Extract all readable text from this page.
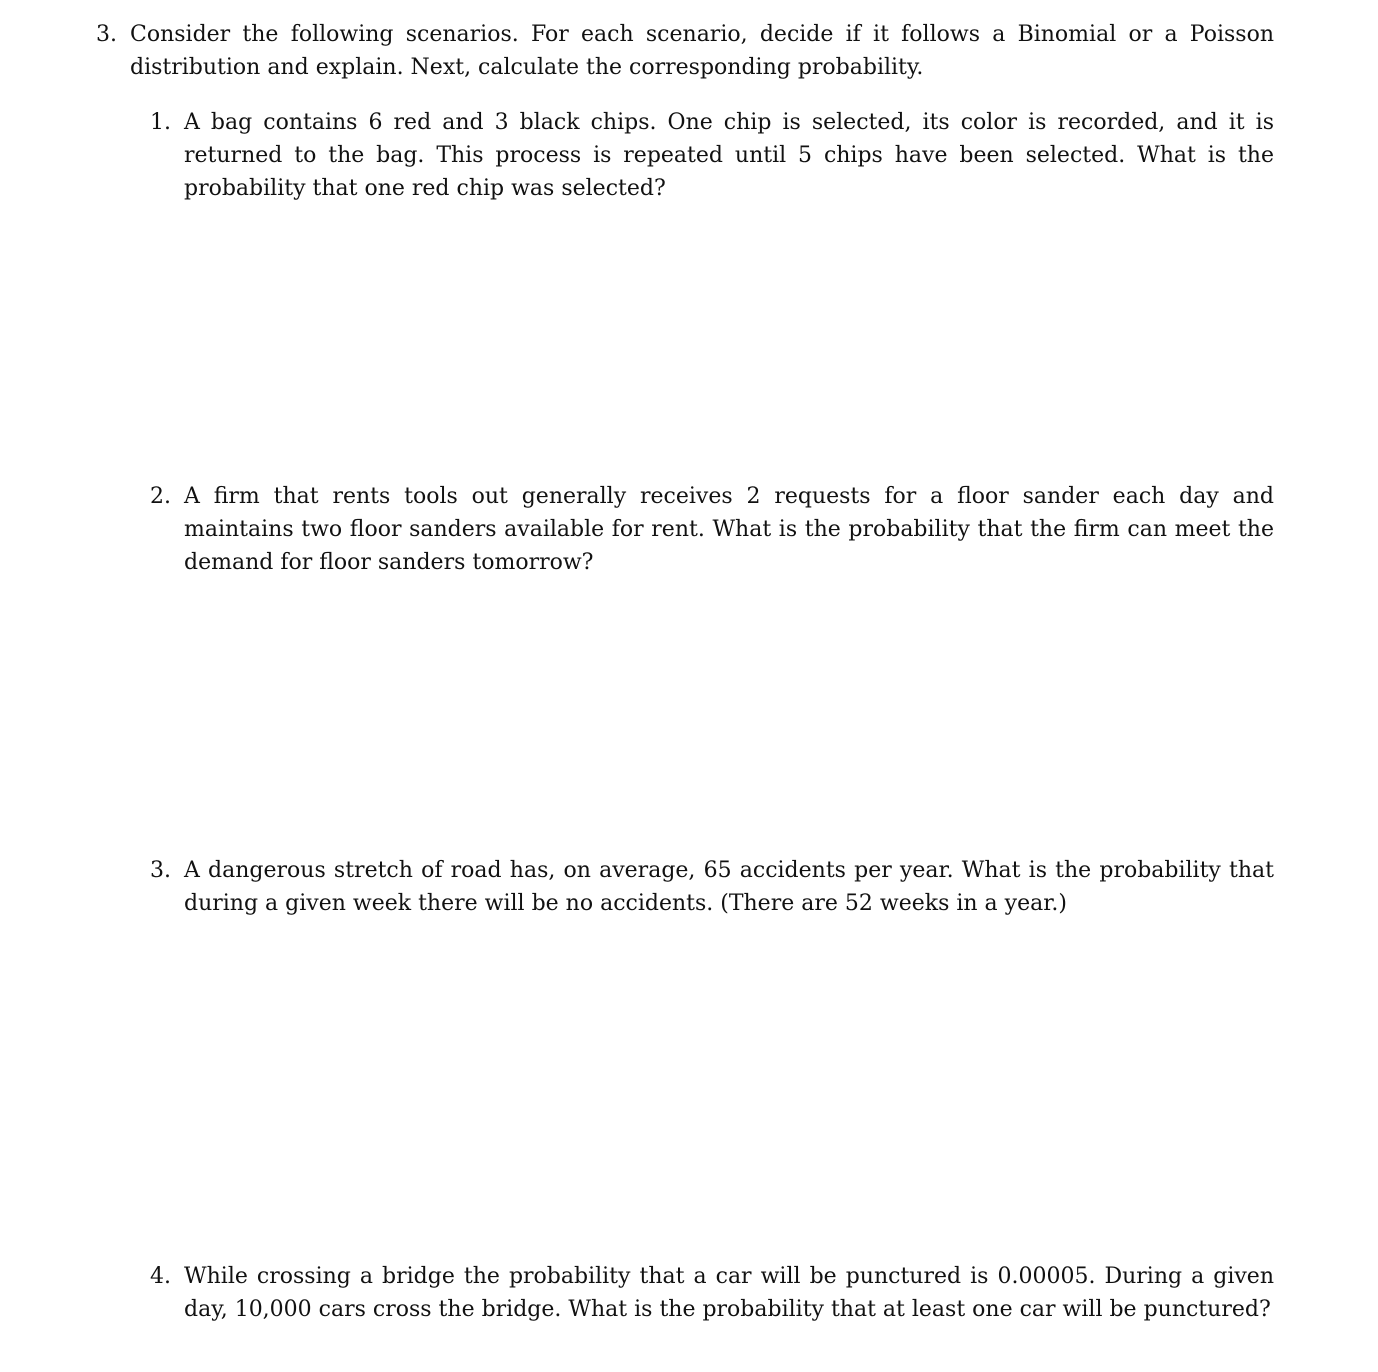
3. Consider the following scenarios. For each scenario, decide if it follows a Binomial or a Poisson distribution and explain. Next, calculate the corresponding probability.
1. A bag contains 6 red and 3 black chips. One chip is selected, its color is recorded, and it is returned to the bag. This process is repeated until 5 chips have been selected. What is the probability that one red chip was selected?
2. A firm that rents tools out generally receives 2 requests for a floor sander each day and maintains two floor sanders available for rent. What is the probability that the firm can meet the demand for floor sanders tomorrow?
3. A dangerous stretch of road has, on average, 65 accidents per year. What is the probability that during a given week there will be no accidents. (There are 52 weeks in a year.)
4. While crossing a bridge the probability that a car will be punctured is 0.00005. During a given day, 10,000 cars cross the bridge. What is the probability that at least one car will be punctured?
